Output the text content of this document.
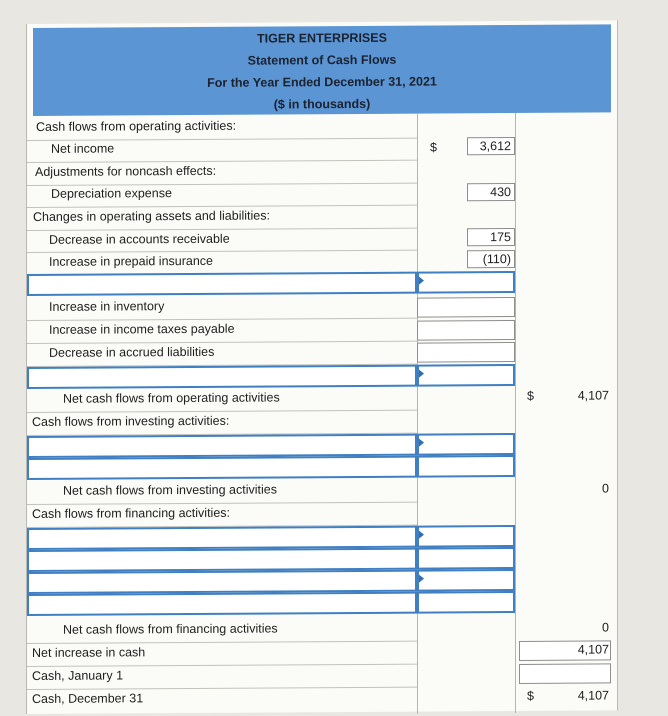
TIGER ENTERPRISES
Statement of Cash Flows
For the Year Ended December 31, 2021
($ in thousands)
Cash flows from operating activities:
Net income	$	3,612
Adjustments for noncash effects:
Depreciation expense	430
Changes in operating assets and liabilities:
Decrease in accounts receivable	175
Increase in prepaid insurance	(110)
Increase in inventory
Increase in income taxes payable
Decrease in accrued liabilities
Net cash flows from operating activities	$	4,107
Cash flows from investing activities:
Net cash flows from investing activities	0
Cash flows from financing activities:
Net cash flows from financing activities	0
Net increase in cash	4,107
Cash, January 1
Cash, December 31	$	4,107
